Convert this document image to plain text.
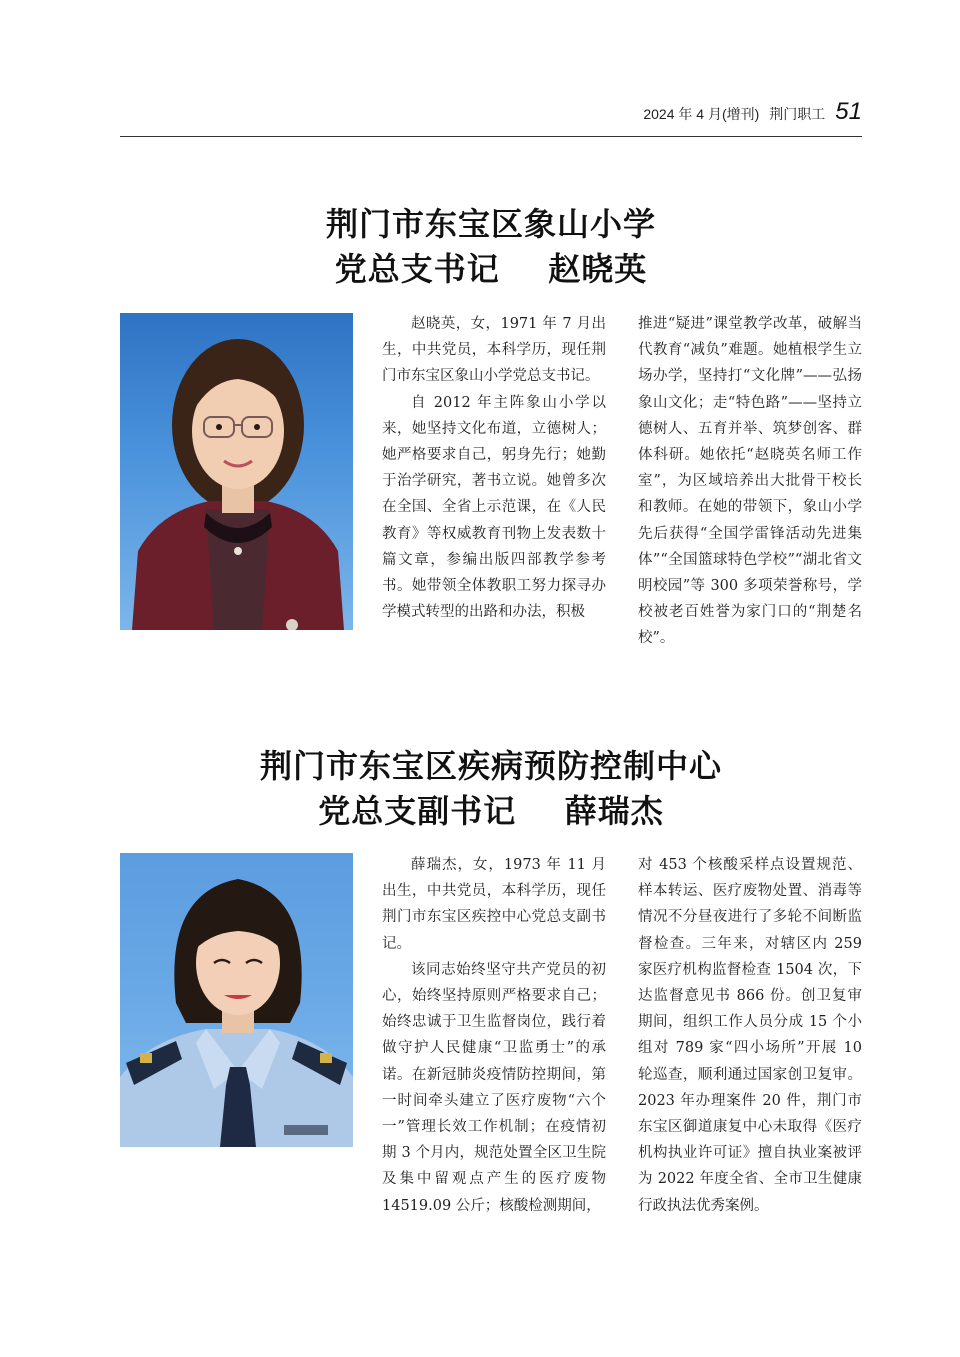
2024 年 4 月(增刊) 荆门职工 51
荆门市东宝区象山小学
党总支书记    赵晓英

赵晓英，女，1971 年 7 月出生，中共党员，本科学历，现任荆门市东宝区象山小学党总支书记。

自 2012 年主阵象山小学以来，她坚持文化布道，立德树人；她严格要求自己，躬身先行；她勤于治学研究，著书立说。她曾多次在全国、全省上示范课，在《人民教育》等权威教育刊物上发表数十篇文章，参编出版四部教学参考书。她带领全体教职工努力探寻办学模式转型的出路和办法，积极

推进“疑进”课堂教学改革，破解当代教育“减负”难题。她植根学生立场办学，坚持打“文化牌”——弘扬象山文化；走“特色路”——坚持立德树人、五育并举、筑梦创客、群体科研。她依托“赵晓英名师工作室”，为区域培养出大批骨干校长和教师。在她的带领下，象山小学先后获得“全国学雷锋活动先进集体”“全国篮球特色学校”“湖北省文明校园”等 300 多项荣誉称号，学校被老百姓誉为家门口的“荆楚名校”。

荆门市东宝区疾病预防控制中心
党总支副书记    薛瑞杰

薛瑞杰，女，1973 年 11 月出生，中共党员，本科学历，现任荆门市东宝区疾控中心党总支副书记。

该同志始终坚守共产党员的初心，始终坚持原则严格要求自己；始终忠诚于卫生监督岗位，践行着做守护人民健康“卫监勇士”的承诺。在新冠肺炎疫情防控期间，第一时间牵头建立了医疗废物“六个一”管理长效工作机制；在疫情初期 3 个月内，规范处置全区卫生院及集中留观点产生的医疗废物 14519.09 公斤；核酸检测期间，

对 453 个核酸采样点设置规范、样本转运、医疗废物处置、消毒等情况不分昼夜进行了多轮不间断监督检查。三年来，对辖区内 259 家医疗机构监督检查 1504 次，下达监督意见书 866 份。创卫复审期间，组织工作人员分成 15 个小组对 789 家“四小场所”开展 10 轮巡查，顺利通过国家创卫复审。2023 年办理案件 20 件，荆门市东宝区御道康复中心未取得《医疗机构执业许可证》擅自执业案被评为 2022 年度全省、全市卫生健康行政执法优秀案例。
